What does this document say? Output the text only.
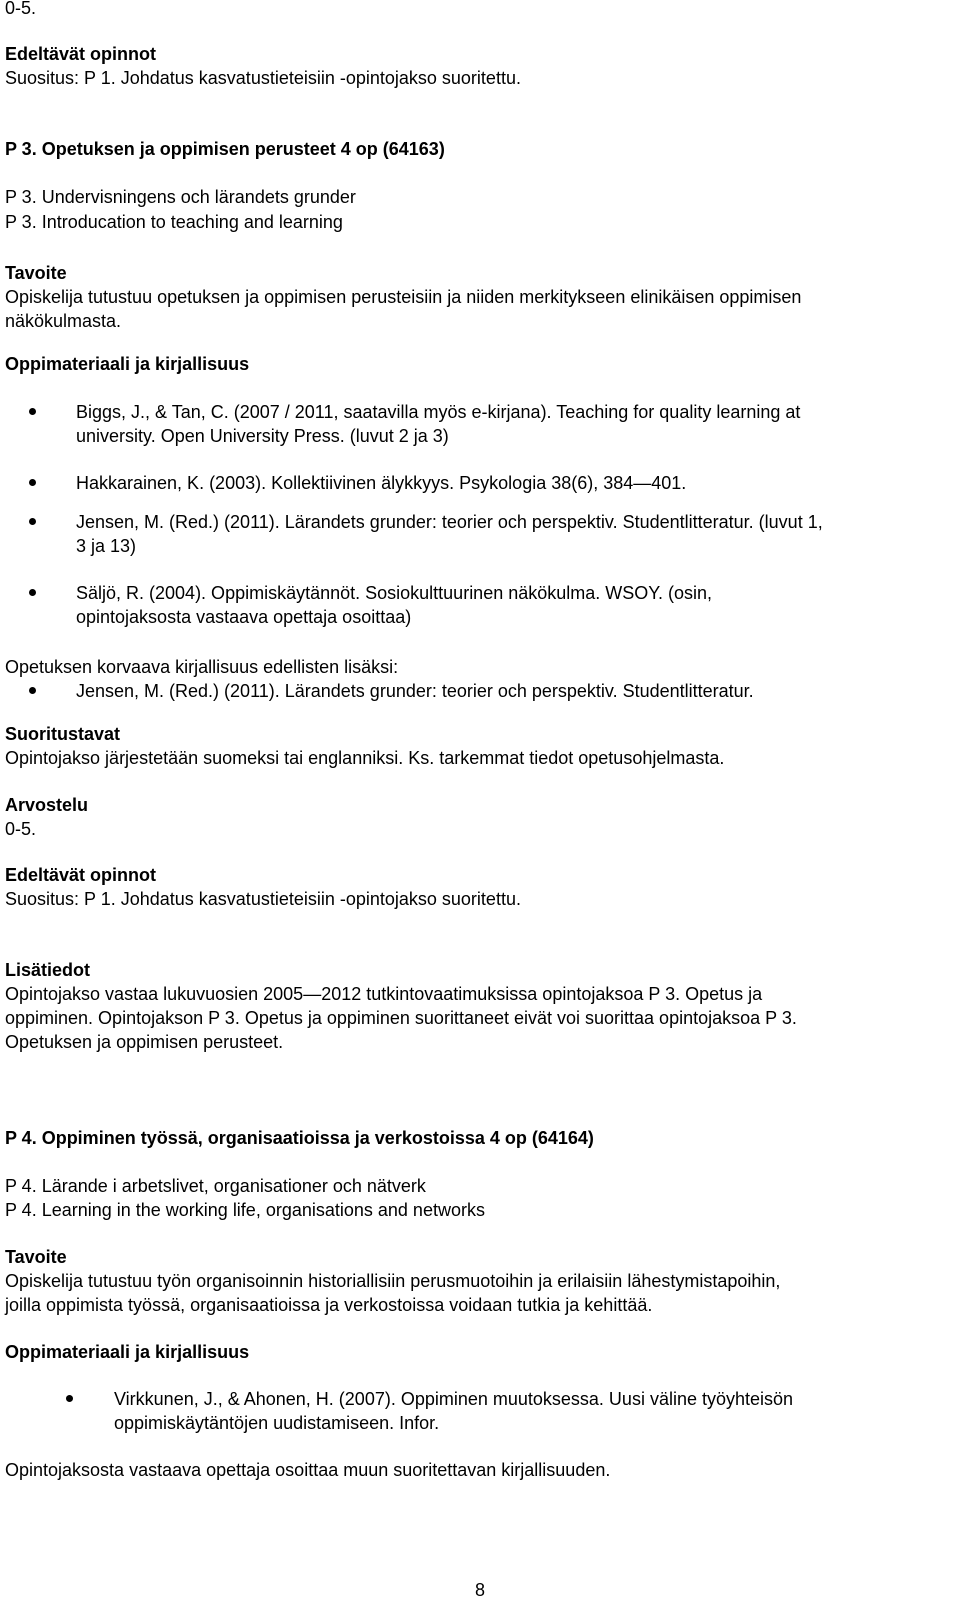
0-5.
Edeltävät opinnot
Suositus: P 1. Johdatus kasvatustieteisiin -opintojakso suoritettu.
P 3. Opetuksen ja oppimisen perusteet 4 op (64163)
P 3. Undervisningens och lärandets grunder
P 3. Introducation to teaching and learning
Tavoite
Opiskelija tutustuu opetuksen ja oppimisen perusteisiin ja niiden merkitykseen elinikäisen oppimisen
näkökulmasta.
Oppimateriaali ja kirjallisuus
Biggs, J., & Tan, C. (2007 / 2011, saatavilla myös e-kirjana). Teaching for quality learning at
university. Open University Press. (luvut 2 ja 3)
Hakkarainen, K. (2003). Kollektiivinen älykkyys. Psykologia 38(6), 384—401.
Jensen, M. (Red.) (2011). Lärandets grunder: teorier och perspektiv. Studentlitteratur. (luvut 1,
3 ja 13)
Säljö, R. (2004). Oppimiskäytännöt. Sosiokulttuurinen näkökulma. WSOY. (osin,
opintojaksosta vastaava opettaja osoittaa)
Opetuksen korvaava kirjallisuus edellisten lisäksi:
Jensen, M. (Red.) (2011). Lärandets grunder: teorier och perspektiv. Studentlitteratur.
Suoritustavat
Opintojakso järjestetään suomeksi tai englanniksi. Ks. tarkemmat tiedot opetusohjelmasta.
Arvostelu
0-5.
Edeltävät opinnot
Suositus: P 1. Johdatus kasvatustieteisiin -opintojakso suoritettu.
Lisätiedot
Opintojakso vastaa lukuvuosien 2005—2012 tutkintovaatimuksissa opintojaksoa P 3. Opetus ja
oppiminen. Opintojakson P 3. Opetus ja oppiminen suorittaneet eivät voi suorittaa opintojaksoa P 3.
Opetuksen ja oppimisen perusteet.
P 4. Oppiminen työssä, organisaatioissa ja verkostoissa 4 op (64164)
P 4. Lärande i arbetslivet, organisationer och nätverk
P 4. Learning in the working life, organisations and networks
Tavoite
Opiskelija tutustuu työn organisoinnin historiallisiin perusmuotoihin ja erilaisiin lähestymistapoihin,
joilla oppimista työssä, organisaatioissa ja verkostoissa voidaan tutkia ja kehittää.
Oppimateriaali ja kirjallisuus
Virkkunen, J., & Ahonen, H. (2007). Oppiminen muutoksessa. Uusi väline työyhteisön
oppimiskäytäntöjen uudistamiseen. Infor.
Opintojaksosta vastaava opettaja osoittaa muun suoritettavan kirjallisuuden.
8
